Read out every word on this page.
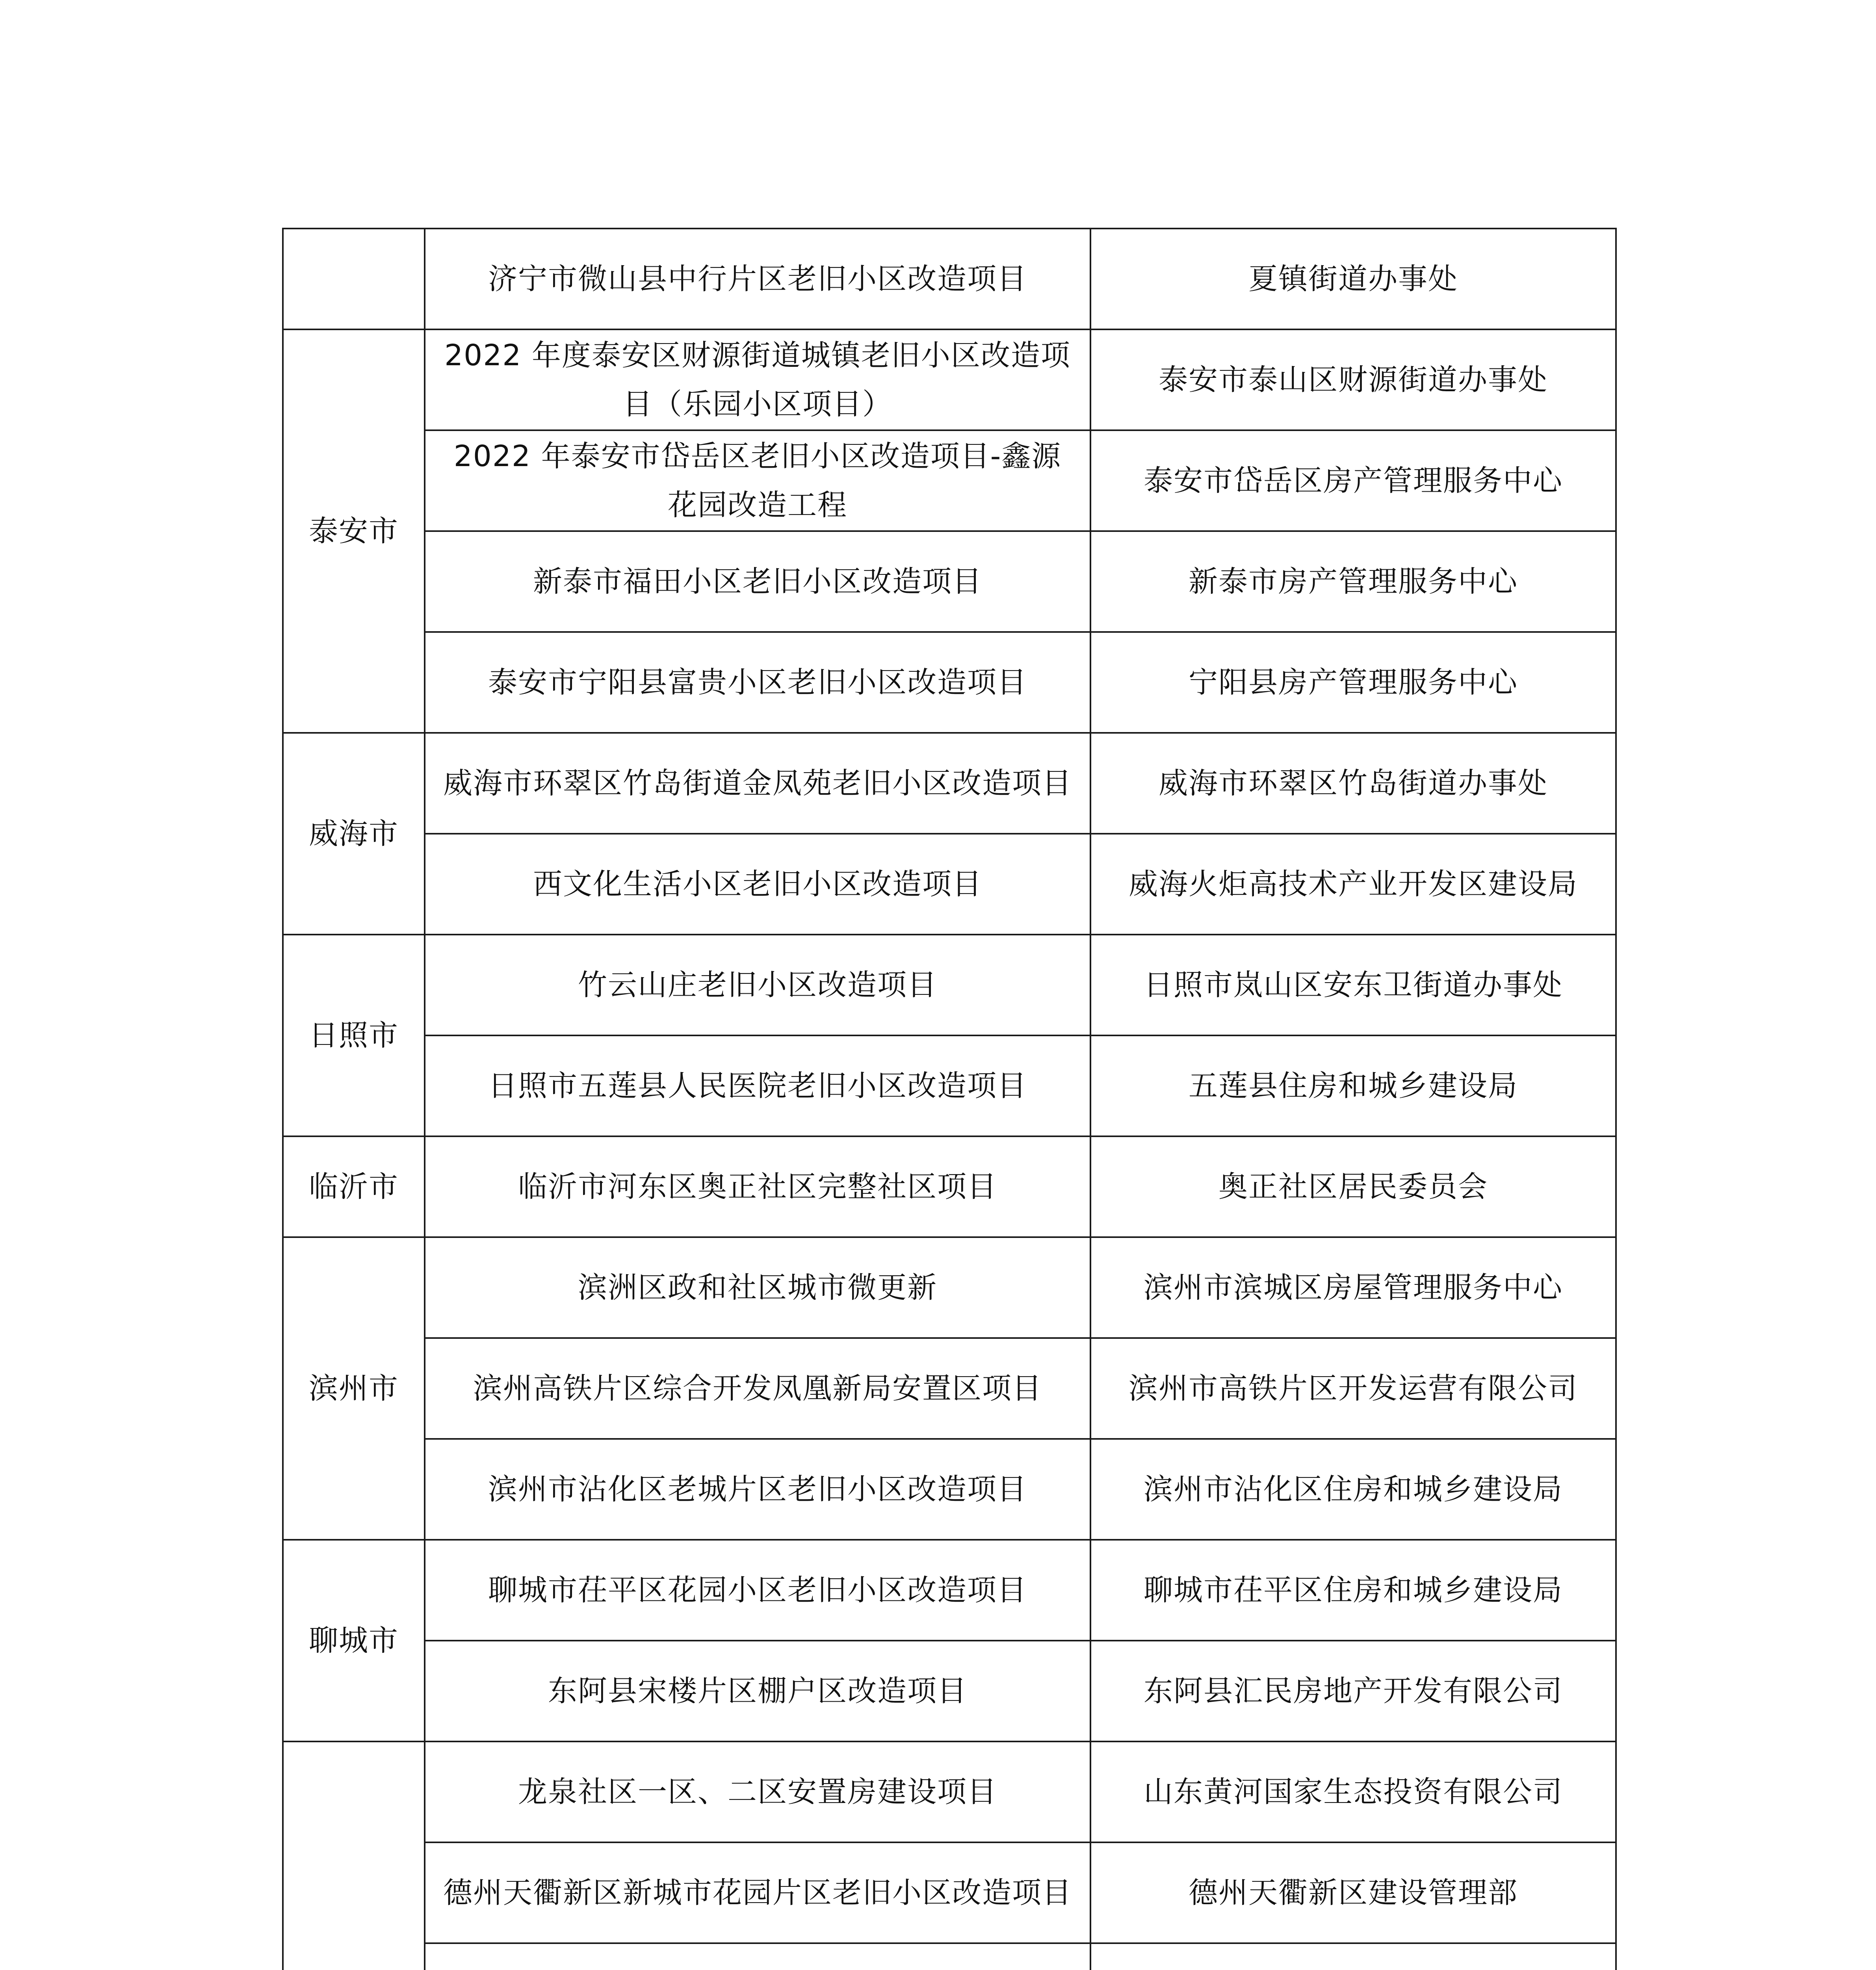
	济宁市微山县中行片区老旧小区改造项目	夏镇街道办事处
泰安市	2022 年度泰安区财源街道城镇老旧小区改造项目（乐园小区项目）	泰安市泰山区财源街道办事处
	2022 年泰安市岱岳区老旧小区改造项目-鑫源花园改造工程	泰安市岱岳区房产管理服务中心
	新泰市福田小区老旧小区改造项目	新泰市房产管理服务中心
	泰安市宁阳县富贵小区老旧小区改造项目	宁阳县房产管理服务中心
威海市	威海市环翠区竹岛街道金凤苑老旧小区改造项目	威海市环翠区竹岛街道办事处
	西文化生活小区老旧小区改造项目	威海火炬高技术产业开发区建设局
日照市	竹云山庄老旧小区改造项目	日照市岚山区安东卫街道办事处
	日照市五莲县人民医院老旧小区改造项目	五莲县住房和城乡建设局
临沂市	临沂市河东区奥正社区完整社区项目	奥正社区居民委员会
滨州市	滨洲区政和社区城市微更新	滨州市滨城区房屋管理服务中心
	滨州高铁片区综合开发凤凰新局安置区项目	滨州市高铁片区开发运营有限公司
	滨州市沾化区老城片区老旧小区改造项目	滨州市沾化区住房和城乡建设局
聊城市	聊城市茌平区花园小区老旧小区改造项目	聊城市茌平区住房和城乡建设局
	东阿县宋楼片区棚户区改造项目	东阿县汇民房地产开发有限公司
	龙泉社区一区、二区安置房建设项目	山东黄河国家生态投资有限公司
	德州天衢新区新城市花园片区老旧小区改造项目	德州天衢新区建设管理部
